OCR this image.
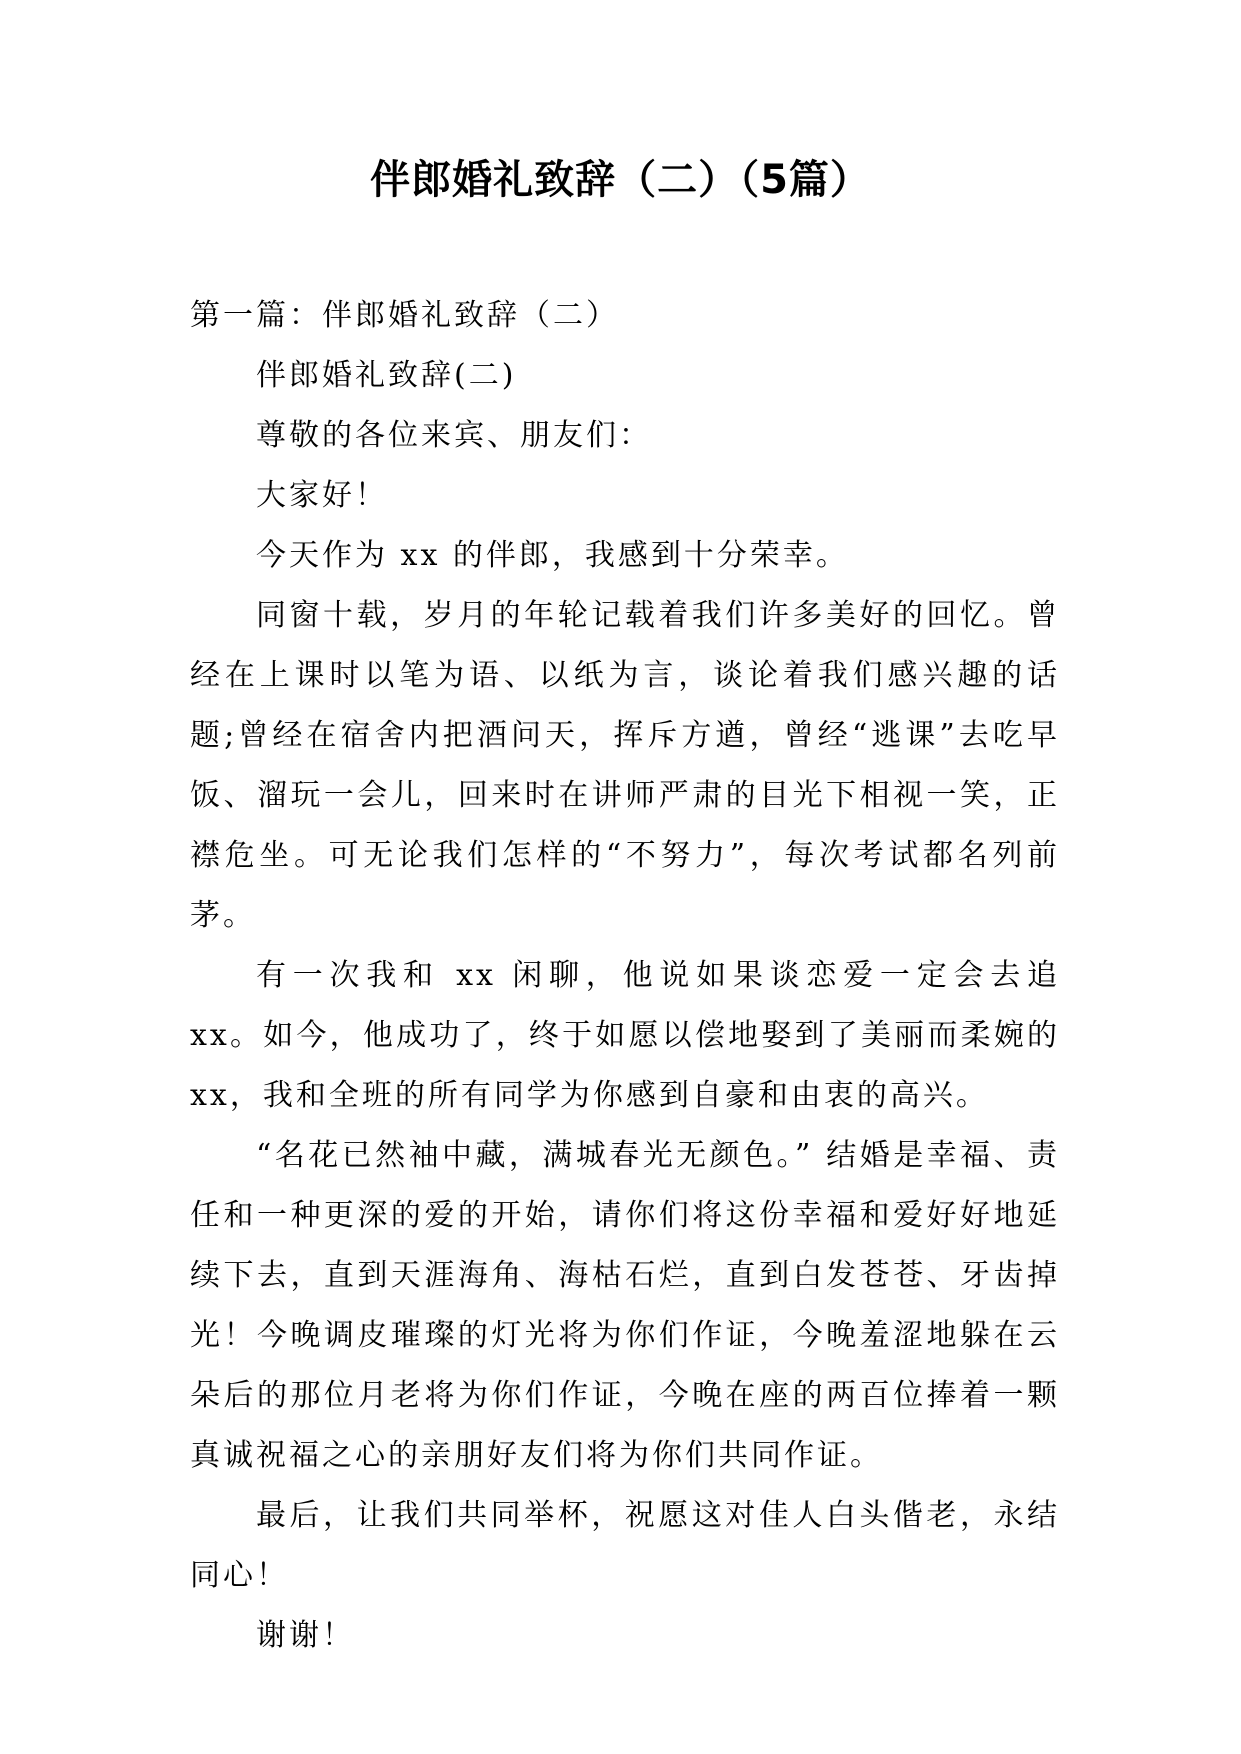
伴郎婚礼致辞（二）（5篇）

第一篇：伴郎婚礼致辞（二）

伴郎婚礼致辞(二)

尊敬的各位来宾、朋友们：

大家好！

今天作为 xx 的伴郎，我感到十分荣幸。

同窗十载，岁月的年轮记载着我们许多美好的回忆。曾经在上课时以笔为语、以纸为言，谈论着我们感兴趣的话题;曾经在宿舍内把酒问天，挥斥方遒，曾经“逃课”去吃早饭、溜玩一会儿，回来时在讲师严肃的目光下相视一笑，正襟危坐。可无论我们怎样的“不努力”，每次考试都名列前茅。

有一次我和 xx 闲聊，他说如果谈恋爱一定会去追 xx。如今，他成功了，终于如愿以偿地娶到了美丽而柔婉的 xx，我和全班的所有同学为你感到自豪和由衷的高兴。

“名花已然袖中藏，满城春光无颜色。” 结婚是幸福、责任和一种更深的爱的开始，请你们将这份幸福和爱好好地延续下去，直到天涯海角、海枯石烂，直到白发苍苍、牙齿掉光！今晚调皮璀璨的灯光将为你们作证，今晚羞涩地躲在云朵后的那位月老将为你们作证，今晚在座的两百位捧着一颗真诚祝福之心的亲朋好友们将为你们共同作证。

最后，让我们共同举杯，祝愿这对佳人白头偕老，永结同心！

谢谢！
